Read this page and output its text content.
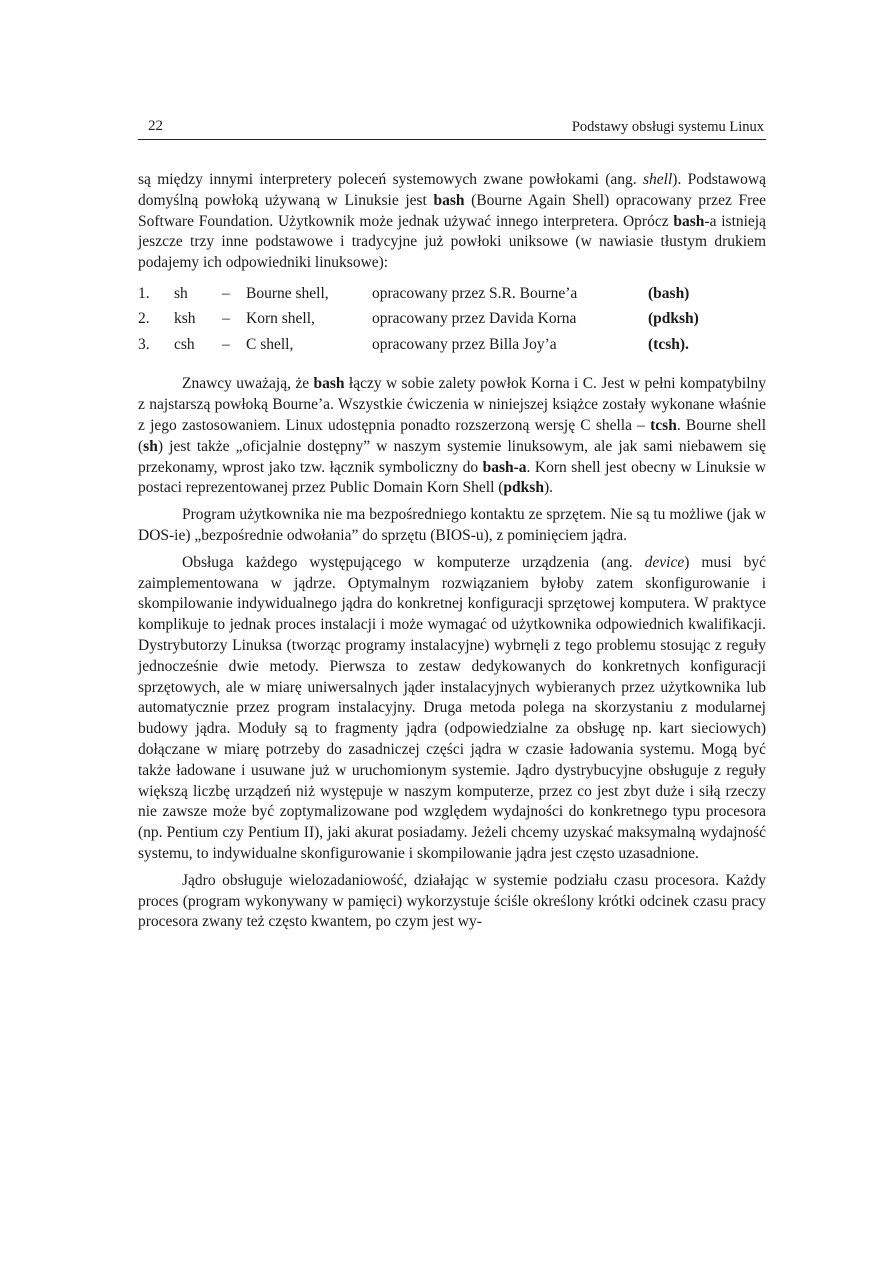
22	Podstawy obsługi systemu Linux

są między innymi interpretery poleceń systemowych zwane powłokami (ang. shell). Podstawową domyślną powłoką używaną w Linuksie jest bash (Bourne Again Shell) opracowany przez Free Software Foundation. Użytkownik może jednak używać innego interpretera. Oprócz bash-a istnieją jeszcze trzy inne podstawowe i tradycyjne już powłoki uniksowe (w nawiasie tłustym drukiem podajemy ich odpowiedniki linuksowe):

1. sh – Bourne shell,	opracowany przez S.R. Bourne’a	(bash)
2. ksh – Korn shell,	opracowany przez Davida Korna	(pdksh)
3. csh – C shell,	opracowany przez Billa Joy’a	(tcsh).

Znawcy uważają, że bash łączy w sobie zalety powłok Korna i C. Jest w pełni kompatybilny z najstarszą powłoką Bourne’a. Wszystkie ćwiczenia w niniejszej książce zostały wykonane właśnie z jego zastosowaniem. Linux udostępnia ponadto rozszerzoną wersję C shella – tcsh. Bourne shell (sh) jest także „oficjalnie dostępny” w naszym systemie linuksowym, ale jak sami niebawem się przekonamy, wprost jako tzw. łącznik symboliczny do bash-a. Korn shell jest obecny w Linuksie w postaci reprezentowanej przez Public Domain Korn Shell (pdksh).

Program użytkownika nie ma bezpośredniego kontaktu ze sprzętem. Nie są tu możliwe (jak w DOS-ie) „bezpośrednie odwołania” do sprzętu (BIOS-u), z pominięciem jądra.

Obsługa każdego występującego w komputerze urządzenia (ang. device) musi być zaimplementowana w jądrze. Optymalnym rozwiązaniem byłoby zatem skonfigurowanie i skompilowanie indywidualnego jądra do konkretnej konfiguracji sprzętowej komputera. W praktyce komplikuje to jednak proces instalacji i może wymagać od użytkownika odpowiednich kwalifikacji. Dystrybutorzy Linuksa (tworząc programy instalacyjne) wybrnęli z tego problemu stosując z reguły jednocześnie dwie metody. Pierwsza to zestaw dedykowanych do konkretnych konfiguracji sprzętowych, ale w miarę uniwersalnych jąder instalacyjnych wybieranych przez użytkownika lub automatycznie przez program instalacyjny. Druga metoda polega na skorzystaniu z modularnej budowy jądra. Moduły są to fragmenty jądra (odpowiedzialne za obsługę np. kart sieciowych) dołączane w miarę potrzeby do zasadniczej części jądra w czasie ładowania systemu. Mogą być także ładowane i usuwane już w uruchomionym systemie. Jądro dystrybucyjne obsługuje z reguły większą liczbę urządzeń niż występuje w naszym komputerze, przez co jest zbyt duże i siłą rzeczy nie zawsze może być zoptymalizowane pod względem wydajności do konkretnego typu procesora (np. Pentium czy Pentium II), jaki akurat posiadamy. Jeżeli chcemy uzyskać maksymalną wydajność systemu, to indywidualne skonfigurowanie i skompilowanie jądra jest często uzasadnione.

Jądro obsługuje wielozadaniowość, działając w systemie podziału czasu procesora. Każdy proces (program wykonywany w pamięci) wykorzystuje ściśle określony krótki odcinek czasu pracy procesora zwany też często kwantem, po czym jest wy-
